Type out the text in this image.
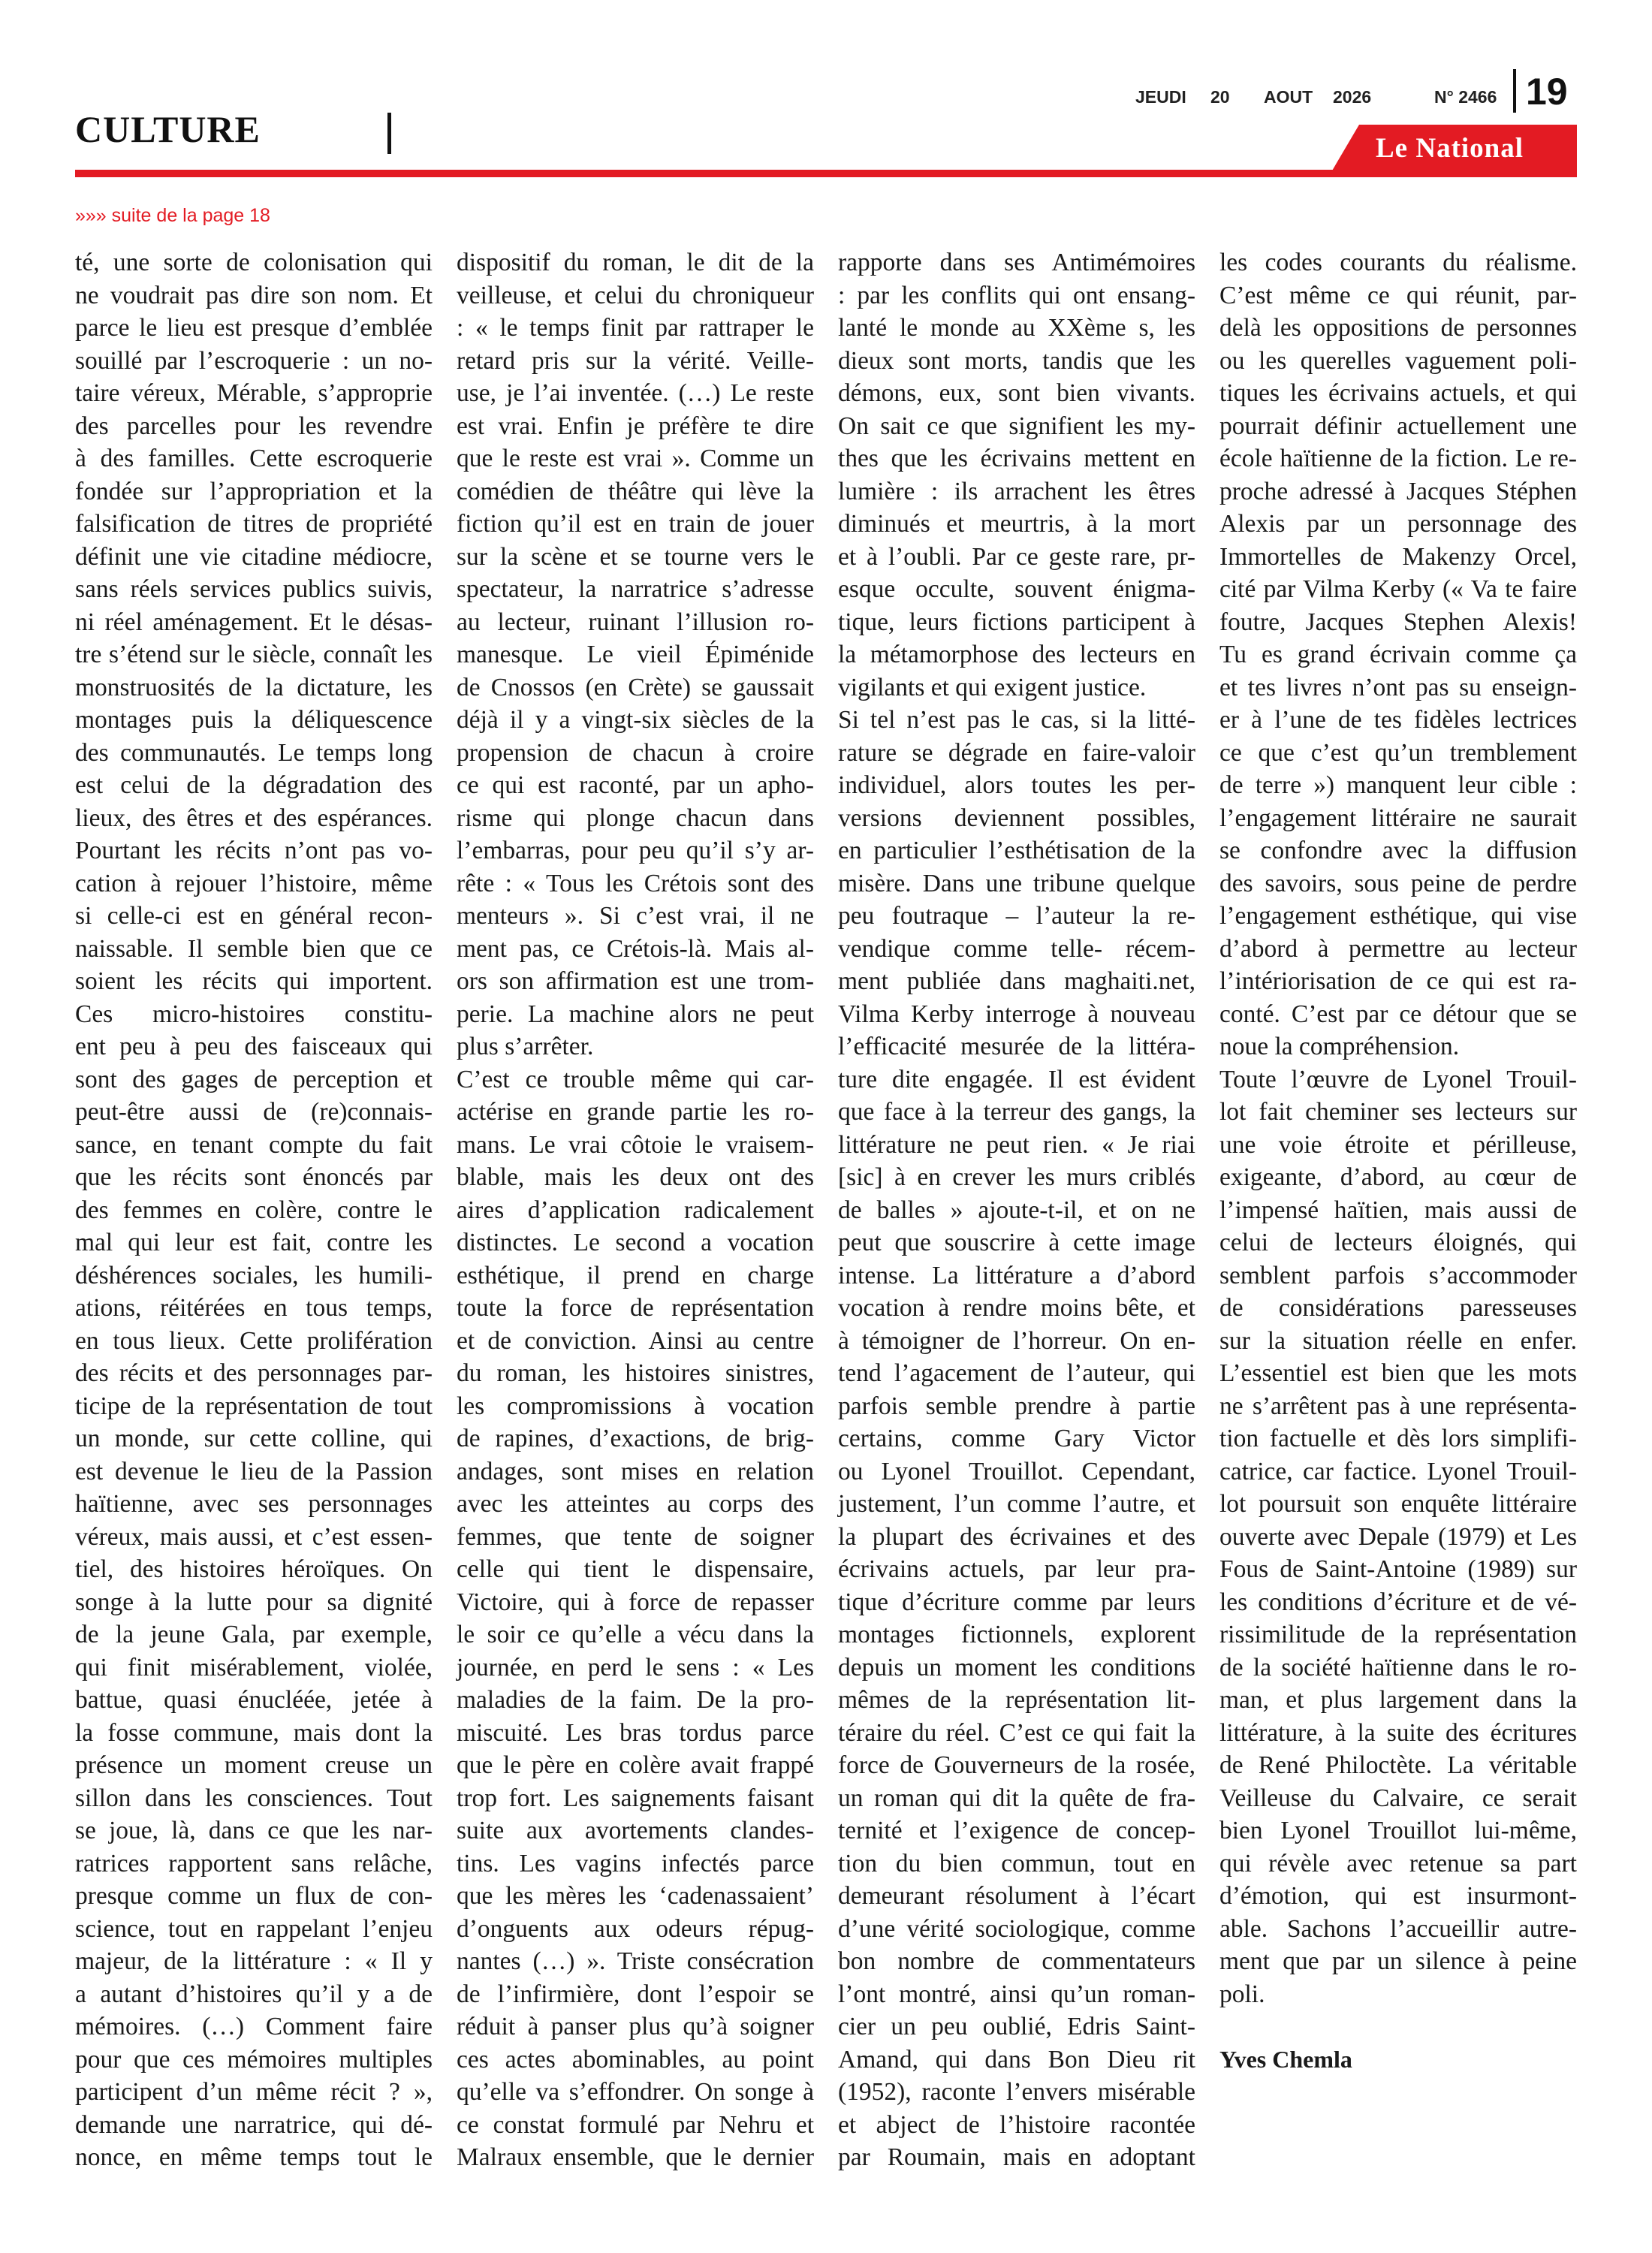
CULTURE
JEUDI 20 AOUT 2026	N° 2466 19
Le National
»»» suite de la page 18
té, une sorte de colonisation qui
ne voudrait pas dire son nom. Et
parce le lieu est presque d’emblée
souillé par l’escroquerie : un no-
taire véreux, Mérable, s’approprie
des parcelles pour les revendre
à des familles. Cette escroquerie
fondée sur l’appropriation et la
falsification de titres de propriété
définit une vie citadine médiocre,
sans réels services publics suivis,
ni réel aménagement. Et le désas-
tre s’étend sur le siècle, connaît les
monstruosités de la dictature, les
montages puis la déliquescence
des communautés. Le temps long
est celui de la dégradation des
lieux, des êtres et des espérances.
Pourtant les récits n’ont pas vo-
cation à rejouer l’histoire, même
si celle-ci est en général recon-
naissable. Il semble bien que ce
soient les récits qui importent.
Ces micro-histoires constitu-
ent peu à peu des faisceaux qui
sont des gages de perception et
peut-être aussi de (re)connais-
sance, en tenant compte du fait
que les récits sont énoncés par
des femmes en colère, contre le
mal qui leur est fait, contre les
déshérences sociales, les humili-
ations, réitérées en tous temps,
en tous lieux. Cette prolifération
des récits et des personnages par-
ticipe de la représentation de tout
un monde, sur cette colline, qui
est devenue le lieu de la Passion
haïtienne, avec ses personnages
véreux, mais aussi, et c’est essen-
tiel, des histoires héroïques. On
songe à la lutte pour sa dignité
de la jeune Gala, par exemple,
qui finit misérablement, violée,
battue, quasi énucléée, jetée à
la fosse commune, mais dont la
présence un moment creuse un
sillon dans les consciences. Tout
se joue, là, dans ce que les nar-
ratrices rapportent sans relâche,
presque comme un flux de con-
science, tout en rappelant l’enjeu
majeur, de la littérature : « Il y
a autant d’histoires qu’il y a de
mémoires. (…) Comment faire
pour que ces mémoires multiples
participent d’un même récit ? »,
demande une narratrice, qui dé-
nonce, en même temps tout le
dispositif du roman, le dit de la
veilleuse, et celui du chroniqueur
: « le temps finit par rattraper le
retard pris sur la vérité. Veille-
use, je l’ai inventée. (…) Le reste
est vrai. Enfin je préfère te dire
que le reste est vrai ». Comme un
comédien de théâtre qui lève la
fiction qu’il est en train de jouer
sur la scène et se tourne vers le
spectateur, la narratrice s’adresse
au lecteur, ruinant l’illusion ro-
manesque. Le vieil Épiménide
de Cnossos (en Crète) se gaussait
déjà il y a vingt-six siècles de la
propension de chacun à croire
ce qui est raconté, par un apho-
risme qui plonge chacun dans
l’embarras, pour peu qu’il s’y ar-
rête : « Tous les Crétois sont des
menteurs ». Si c’est vrai, il ne
ment pas, ce Crétois-là. Mais al-
ors son affirmation est une trom-
perie. La machine alors ne peut
plus s’arrêter.
C’est ce trouble même qui car-
actérise en grande partie les ro-
mans. Le vrai côtoie le vraisem-
blable, mais les deux ont des
aires d’application radicalement
distinctes. Le second a vocation
esthétique, il prend en charge
toute la force de représentation
et de conviction. Ainsi au centre
du roman, les histoires sinistres,
les compromissions à vocation
de rapines, d’exactions, de brig-
andages, sont mises en relation
avec les atteintes au corps des
femmes, que tente de soigner
celle qui tient le dispensaire,
Victoire, qui à force de repasser
le soir ce qu’elle a vécu dans la
journée, en perd le sens : « Les
maladies de la faim. De la pro-
miscuité. Les bras tordus parce
que le père en colère avait frappé
trop fort. Les saignements faisant
suite aux avortements clandes-
tins. Les vagins infectés parce
que les mères les ‘cadenassaient’
d’onguents aux odeurs répug-
nantes (…) ». Triste consécration
de l’infirmière, dont l’espoir se
réduit à panser plus qu’à soigner
ces actes abominables, au point
qu’elle va s’effondrer. On songe à
ce constat formulé par Nehru et
Malraux ensemble, que le dernier
rapporte dans ses Antimémoires
: par les conflits qui ont ensang-
lanté le monde au XXème s, les
dieux sont morts, tandis que les
démons, eux, sont bien vivants.
On sait ce que signifient les my-
thes que les écrivains mettent en
lumière : ils arrachent les êtres
diminués et meurtris, à la mort
et à l’oubli. Par ce geste rare, pr-
esque occulte, souvent énigma-
tique, leurs fictions participent à
la métamorphose des lecteurs en
vigilants et qui exigent justice.
Si tel n’est pas le cas, si la litté-
rature se dégrade en faire-valoir
individuel, alors toutes les per-
versions deviennent possibles,
en particulier l’esthétisation de la
misère. Dans une tribune quelque
peu foutraque – l’auteur la re-
vendique comme telle- récem-
ment publiée dans maghaiti.net,
Vilma Kerby interroge à nouveau
l’efficacité mesurée de la littéra-
ture dite engagée. Il est évident
que face à la terreur des gangs, la
littérature ne peut rien. « Je riai
[sic] à en crever les murs criblés
de balles » ajoute-t-il, et on ne
peut que souscrire à cette image
intense. La littérature a d’abord
vocation à rendre moins bête, et
à témoigner de l’horreur. On en-
tend l’agacement de l’auteur, qui
parfois semble prendre à partie
certains, comme Gary Victor
ou Lyonel Trouillot. Cependant,
justement, l’un comme l’autre, et
la plupart des écrivaines et des
écrivains actuels, par leur pra-
tique d’écriture comme par leurs
montages fictionnels, explorent
depuis un moment les conditions
mêmes de la représentation lit-
téraire du réel. C’est ce qui fait la
force de Gouverneurs de la rosée,
un roman qui dit la quête de fra-
ternité et l’exigence de concep-
tion du bien commun, tout en
demeurant résolument à l’écart
d’une vérité sociologique, comme
bon nombre de commentateurs
l’ont montré, ainsi qu’un roman-
cier un peu oublié, Edris Saint-
Amand, qui dans Bon Dieu rit
(1952), raconte l’envers misérable
et abject de l’histoire racontée
par Roumain, mais en adoptant
les codes courants du réalisme.
C’est même ce qui réunit, par-
delà les oppositions de personnes
ou les querelles vaguement poli-
tiques les écrivains actuels, et qui
pourrait définir actuellement une
école haïtienne de la fiction. Le re-
proche adressé à Jacques Stéphen
Alexis par un personnage des
Immortelles de Makenzy Orcel,
cité par Vilma Kerby (« Va te faire
foutre, Jacques Stephen Alexis!
Tu es grand écrivain comme ça
et tes livres n’ont pas su enseign-
er à l’une de tes fidèles lectrices
ce que c’est qu’un tremblement
de terre ») manquent leur cible :
l’engagement littéraire ne saurait
se confondre avec la diffusion
des savoirs, sous peine de perdre
l’engagement esthétique, qui vise
d’abord à permettre au lecteur
l’intériorisation de ce qui est ra-
conté. C’est par ce détour que se
noue la compréhension.
Toute l’œuvre de Lyonel Trouil-
lot fait cheminer ses lecteurs sur
une voie étroite et périlleuse,
exigeante, d’abord, au cœur de
l’impensé haïtien, mais aussi de
celui de lecteurs éloignés, qui
semblent parfois s’accommoder
de considérations paresseuses
sur la situation réelle en enfer.
L’essentiel est bien que les mots
ne s’arrêtent pas à une représenta-
tion factuelle et dès lors simplifi-
catrice, car factice. Lyonel Trouil-
lot poursuit son enquête littéraire
ouverte avec Depale (1979) et Les
Fous de Saint-Antoine (1989) sur
les conditions d’écriture et de vé-
rissimilitude de la représentation
de la société haïtienne dans le ro-
man, et plus largement dans la
littérature, à la suite des écritures
de René Philoctète. La véritable
Veilleuse du Calvaire, ce serait
bien Lyonel Trouillot lui-même,
qui révèle avec retenue sa part
d’émotion, qui est insurmont-
able. Sachons l’accueillir autre-
ment que par un silence à peine
poli.

Yves Chemla
